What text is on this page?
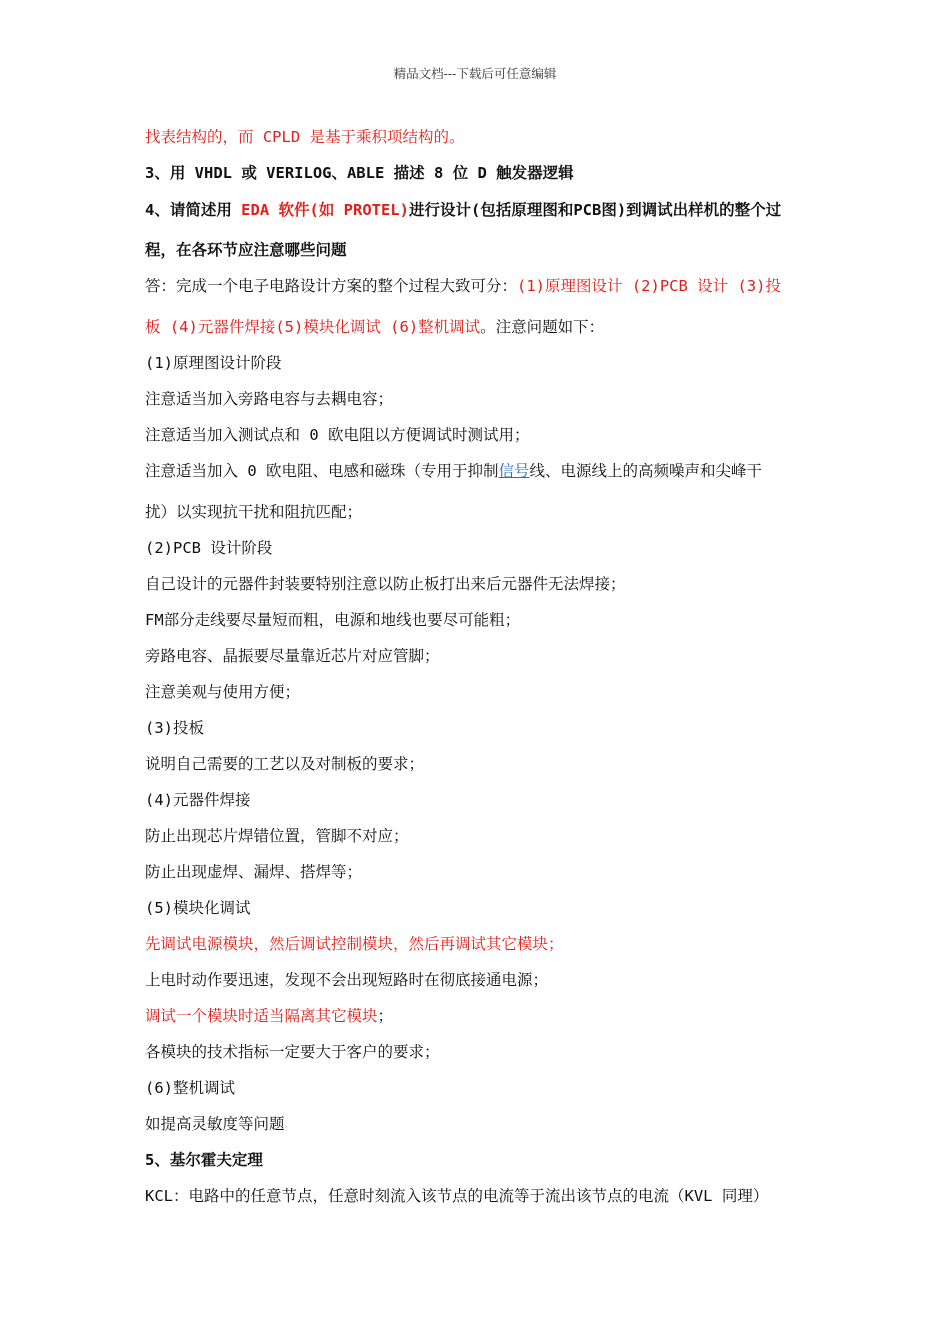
精品文档---下载后可任意编辑
找表结构的，而 CPLD 是基于乘积项结构的。
3、用 VHDL 或 VERILOG、ABLE 描述 8 位 D 触发器逻辑
4、请简述用 EDA 软件(如 PROTEL)进行设计(包括原理图和PCB图)到调试出样机的整个过
程，在各环节应注意哪些问题
答：完成一个电子电路设计方案的整个过程大致可分：(1)原理图设计 (2)PCB 设计 (3)投
板 (4)元器件焊接(5)模块化调试 (6)整机调试。注意问题如下：
(1)原理图设计阶段
注意适当加入旁路电容与去耦电容；
注意适当加入测试点和 0 欧电阻以方便调试时测试用；
注意适当加入 0 欧电阻、电感和磁珠（专用于抑制信号线、电源线上的高频噪声和尖峰干
扰）以实现抗干扰和阻抗匹配；
(2)PCB 设计阶段
自己设计的元器件封装要特别注意以防止板打出来后元器件无法焊接；
FM部分走线要尽量短而粗，电源和地线也要尽可能粗；
旁路电容、晶振要尽量靠近芯片对应管脚；
注意美观与使用方便；
(3)投板
说明自己需要的工艺以及对制板的要求；
(4)元器件焊接
防止出现芯片焊错位置，管脚不对应；
防止出现虚焊、漏焊、搭焊等；
(5)模块化调试
先调试电源模块，然后调试控制模块，然后再调试其它模块；
上电时动作要迅速，发现不会出现短路时在彻底接通电源；
调试一个模块时适当隔离其它模块；
各模块的技术指标一定要大于客户的要求；
(6)整机调试
如提高灵敏度等问题
5、基尔霍夫定理
KCL：电路中的任意节点，任意时刻流入该节点的电流等于流出该节点的电流（KVL 同理）
